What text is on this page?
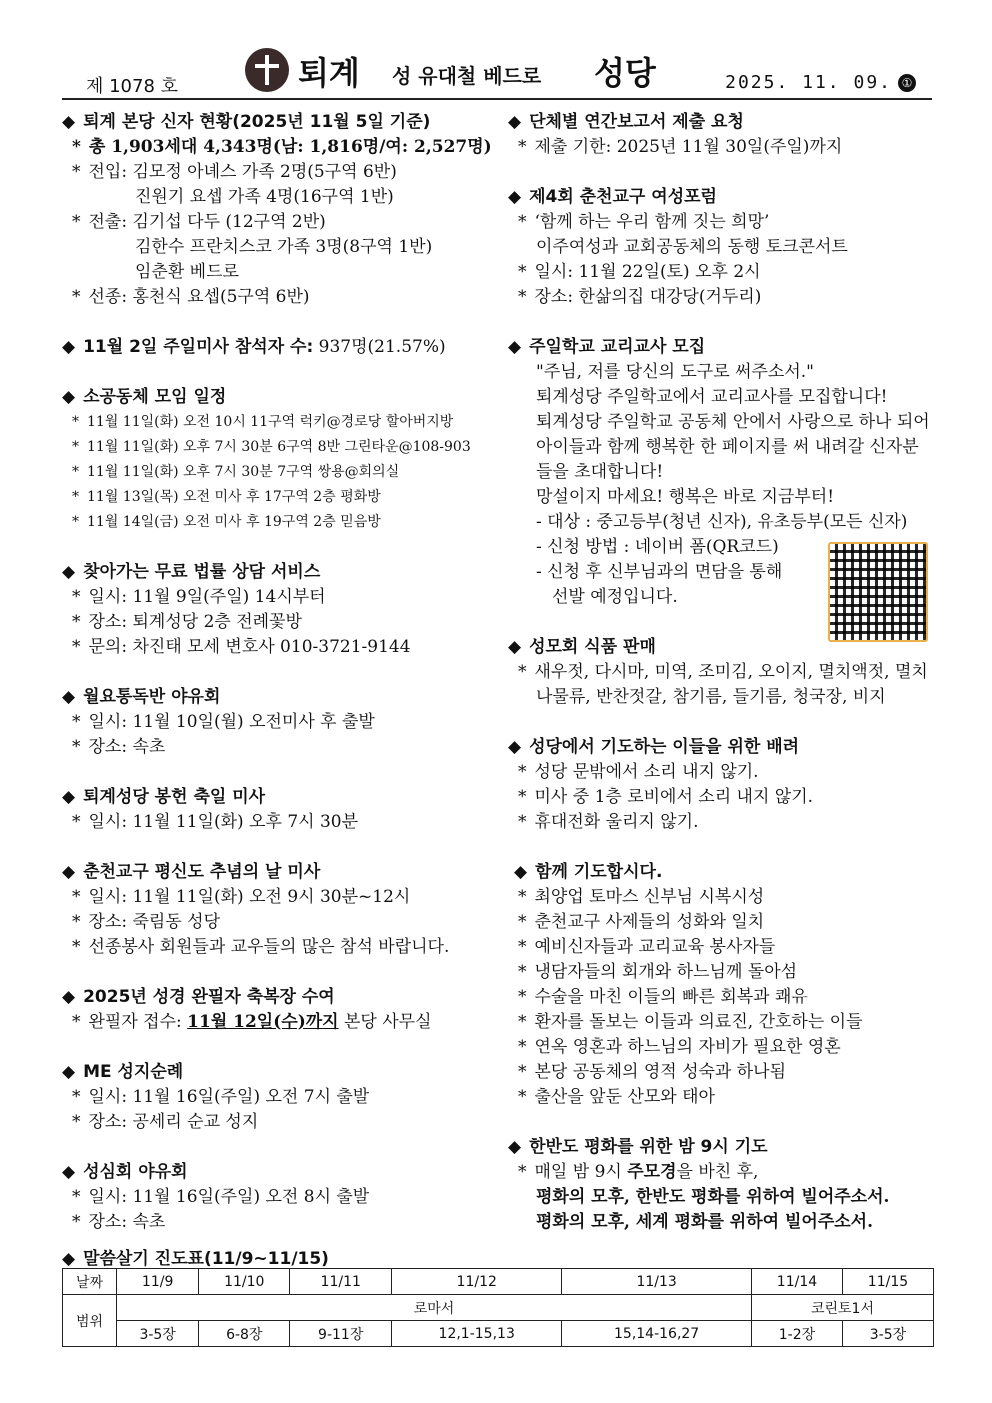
제 1078 호	퇴계 성 유대철 베드로 성당	2025. 11. 09. ①
◆ 퇴계 본당 신자 현황(2025년 11월 5일 기준)
* 총 1,903세대 4,343명(남: 1,816명/여: 2,527명)
* 전입: 김모정 아녜스 가족 2명(5구역 6반)
진원기 요셉 가족 4명(16구역 1반)
* 전출: 김기섭 다두 (12구역 2반)
김한수 프란치스코 가족 3명(8구역 1반)
임춘환 베드로
* 선종: 홍천식 요셉(5구역 6반)
◆ 11월 2일 주일미사 참석자 수: 937명(21.57%)
◆ 소공동체 모임 일정
* 11월 11일(화) 오전 10시 11구역 럭키@경로당 할아버지방
* 11월 11일(화) 오후 7시 30분 6구역 8반 그린타운@108-903
* 11월 11일(화) 오후 7시 30분 7구역 쌍용@회의실
* 11월 13일(목) 오전 미사 후 17구역 2층 평화방
* 11월 14일(금) 오전 미사 후 19구역 2층 믿음방
◆ 찾아가는 무료 법률 상담 서비스
* 일시: 11월 9일(주일) 14시부터
* 장소: 퇴계성당 2층 전례꽃방
* 문의: 차진태 모세 변호사 010-3721-9144
◆ 월요통독반 야유회
* 일시: 11월 10일(월) 오전미사 후 출발
* 장소: 속초
◆ 퇴계성당 봉헌 축일 미사
* 일시: 11월 11일(화) 오후 7시 30분
◆ 춘천교구 평신도 추념의 날 미사
* 일시: 11월 11일(화) 오전 9시 30분~12시
* 장소: 죽림동 성당
* 선종봉사 회원들과 교우들의 많은 참석 바랍니다.
◆ 2025년 성경 완필자 축복장 수여
* 완필자 접수: 11월 12일(수)까지 본당 사무실
◆ ME 성지순례
* 일시: 11월 16일(주일) 오전 7시 출발
* 장소: 공세리 순교 성지
◆ 성심회 야유회
* 일시: 11월 16일(주일) 오전 8시 출발
* 장소: 속초
◆ 단체별 연간보고서 제출 요청
* 제출 기한: 2025년 11월 30일(주일)까지
◆ 제4회 춘천교구 여성포럼
* ‘함께 하는 우리 함께 짓는 희망’
이주여성과 교회공동체의 동행 토크콘서트
* 일시: 11월 22일(토) 오후 2시
* 장소: 한삶의집 대강당(거두리)
◆ 주일학교 교리교사 모집
"주님, 저를 당신의 도구로 써주소서."
퇴계성당 주일학교에서 교리교사를 모집합니다!
퇴계성당 주일학교 공동체 안에서 사랑으로 하나 되어
아이들과 함께 행복한 한 페이지를 써 내려갈 신자분
들을 초대합니다!
망설이지 마세요! 행복은 바로 지금부터!
- 대상 : 중고등부(청년 신자), 유초등부(모든 신자)
- 신청 방법 : 네이버 폼(QR코드)
- 신청 후 신부님과의 면담을 통해
선발 예정입니다.
◆ 성모회 식품 판매
* 새우젓, 다시마, 미역, 조미김, 오이지, 멸치액젓, 멸치
나물류, 반찬젓갈, 참기름, 들기름, 청국장, 비지
◆ 성당에서 기도하는 이들을 위한 배려
* 성당 문밖에서 소리 내지 않기.
* 미사 중 1층 로비에서 소리 내지 않기.
* 휴대전화 울리지 않기.
◆ 함께 기도합시다.
* 최양업 토마스 신부님 시복시성
* 춘천교구 사제들의 성화와 일치
* 예비신자들과 교리교육 봉사자들
* 냉담자들의 회개와 하느님께 돌아섬
* 수술을 마친 이들의 빠른 회복과 쾌유
* 환자를 돌보는 이들과 의료진, 간호하는 이들
* 연옥 영혼과 하느님의 자비가 필요한 영혼
* 본당 공동체의 영적 성숙과 하나됨
* 출산을 앞둔 산모와 태아
◆ 한반도 평화를 위한 밤 9시 기도
* 매일 밤 9시 주모경을 바친 후,
평화의 모후, 한반도 평화를 위하여 빌어주소서.
평화의 모후, 세계 평화를 위하여 빌어주소서.
◆ 말씀살기 진도표(11/9~11/15)
날짜	11/9	11/10	11/11	11/12	11/13	11/14	11/15
범위	로마서					코린토1서	
	3-5장	6-8장	9-11장	12,1-15,13	15,14-16,27	1-2장	3-5장
